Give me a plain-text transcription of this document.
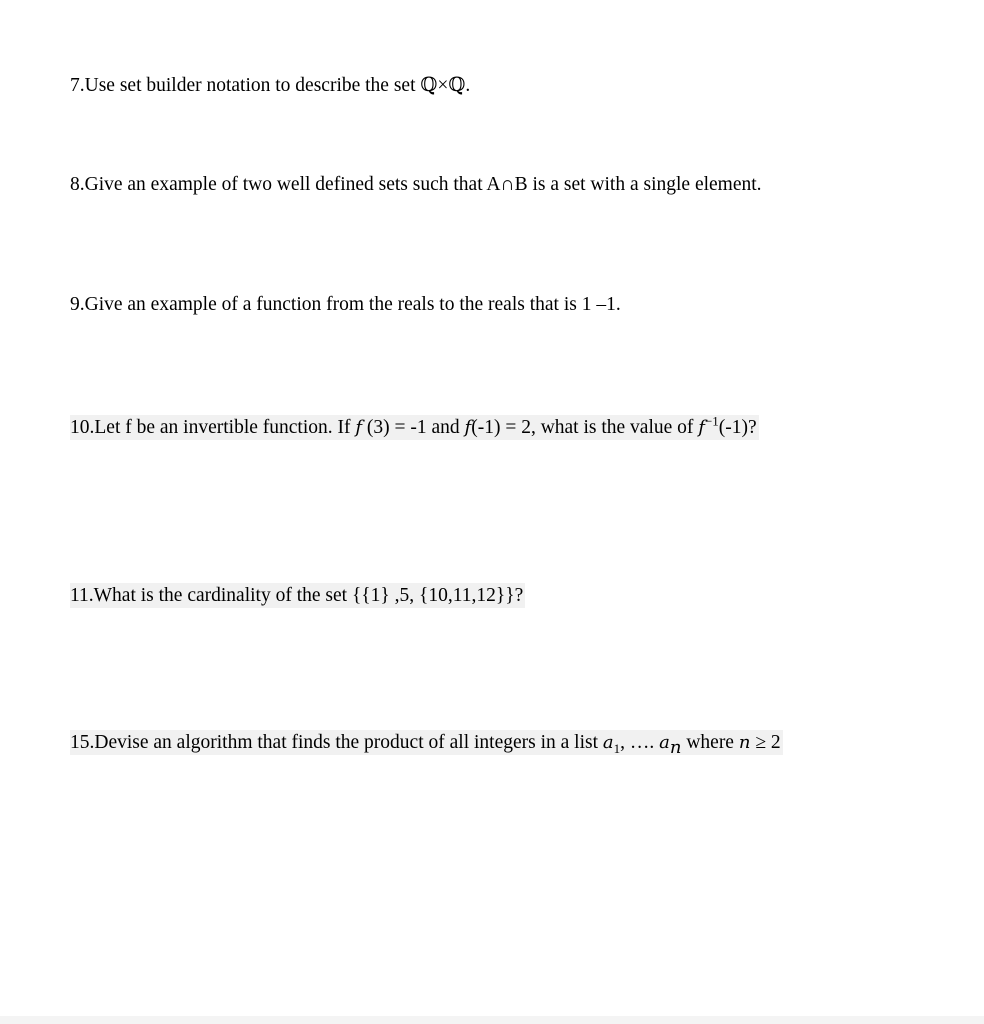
7.Use set builder notation to describe the set ℚ×ℚ.
8.Give an example of two well defined sets such that A∩B is a set with a single element.
9.Give an example of a function from the reals to the reals that is 1 –1.
10.Let f be an invertible function. If f (3) = -1 and f(-1) = 2, what is the value of $f^{-1}(-1)$?
11.What is the cardinality of the set {{1} ,5, {10,11,12}}?
15.Devise an algorithm that finds the product of all integers in a list $a_1$, …. $a_n$ where n ≥ 2
